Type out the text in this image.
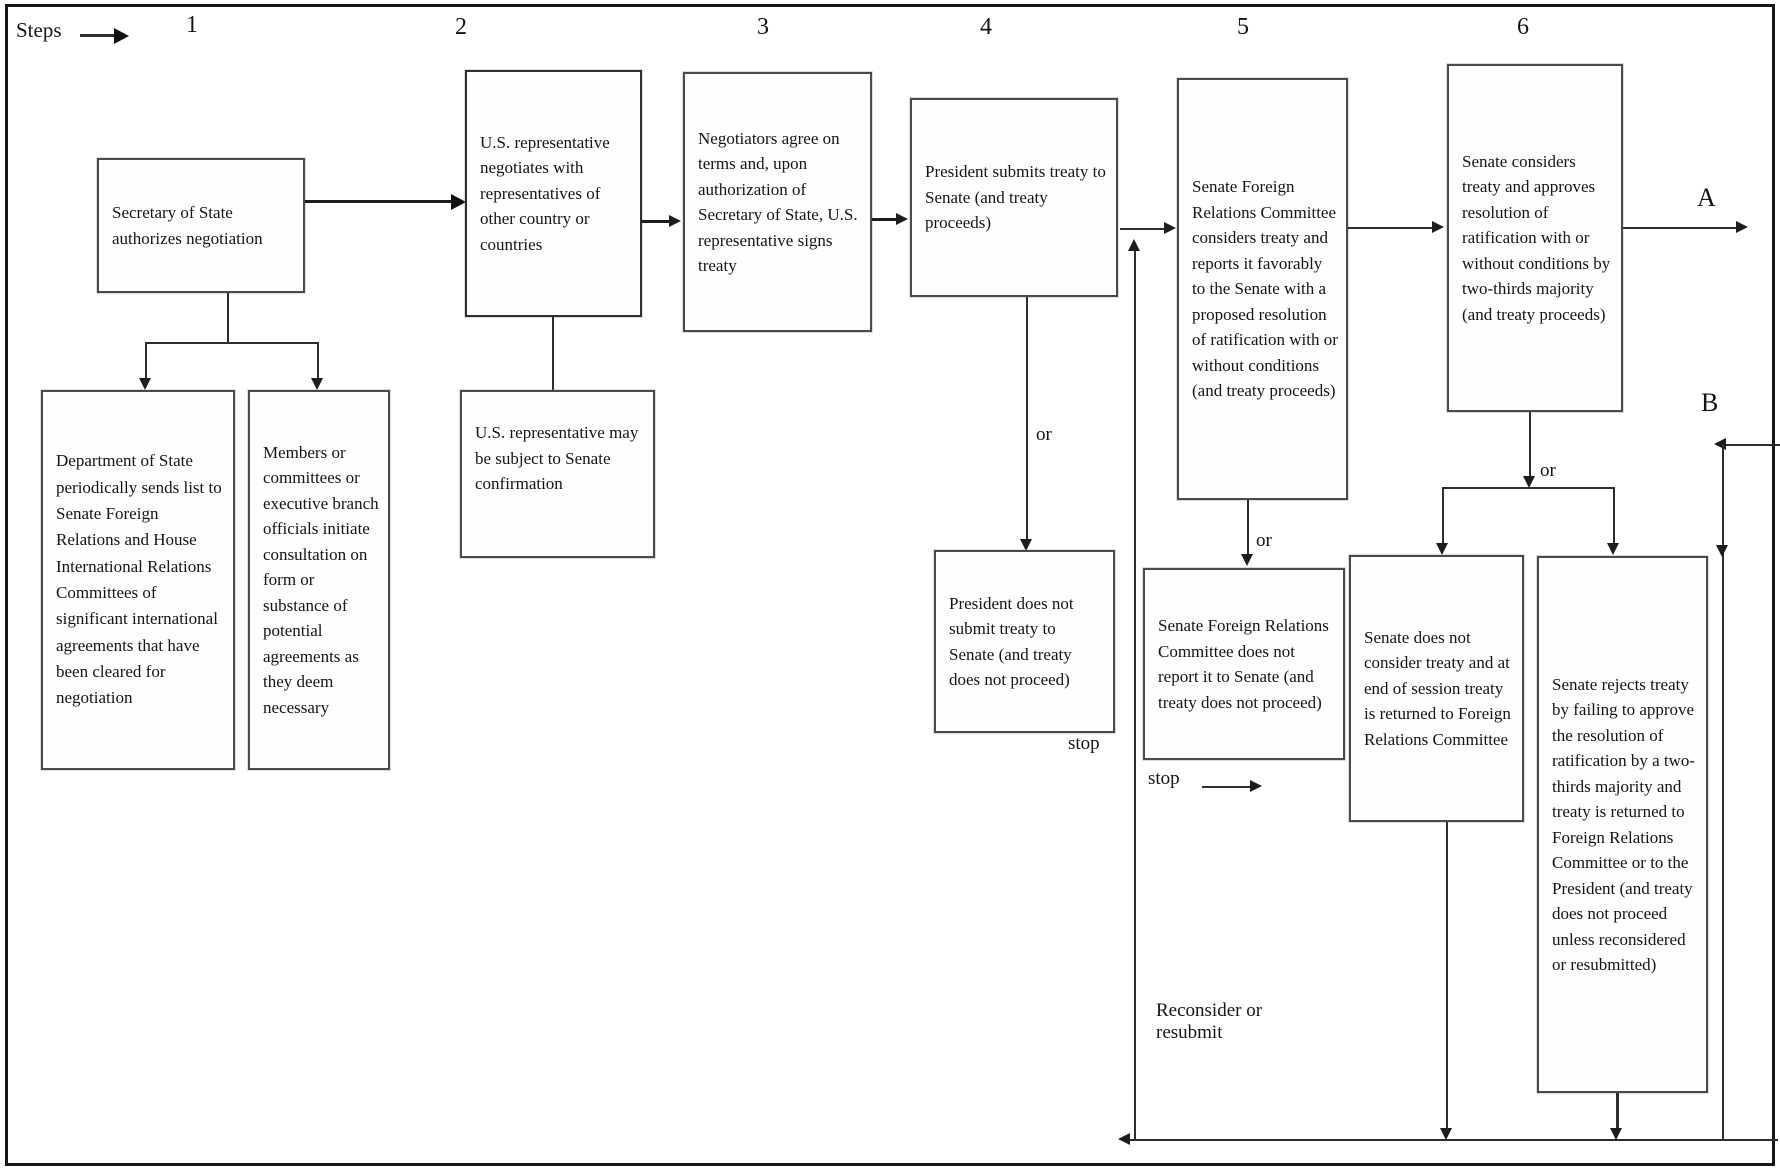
Steps	1	2	3	4	5	6
Secretary of State authorizes negotiation
Department of State periodically sends list to Senate Foreign Relations and House International Relations Committees of significant international agreements that have been cleared for negotiation
Members or committees or executive branch officials initiate consultation on form or substance of potential agreements as they deem necessary
U.S. representative negotiates with representatives of other country or countries
U.S. representative may be subject to Senate confirmation
Negotiators agree on terms and, upon authorization of Secretary of State, U.S. representative signs treaty
President submits treaty to Senate (and treaty proceeds)
or
President does not submit treaty to Senate (and treaty does not proceed)
stop
Reconsider or resubmit
Senate Foreign Relations Committee considers treaty and reports it favorably to the Senate with a proposed resolution of ratification with or without conditions (and treaty proceeds)
or
Senate Foreign Relations Committee does not report it to Senate (and treaty does not proceed)
stop
Senate considers treaty and approves resolution of ratification with or without conditions by two-thirds majority (and treaty proceeds)
A
or
Senate does not consider treaty and at end of session treaty is returned to Foreign Relations Committee
Senate rejects treaty by failing to approve the resolution of ratification by a two-thirds majority and treaty is returned to Foreign Relations Committee or to the President (and treaty does not proceed unless reconsidered or resubmitted)
B
